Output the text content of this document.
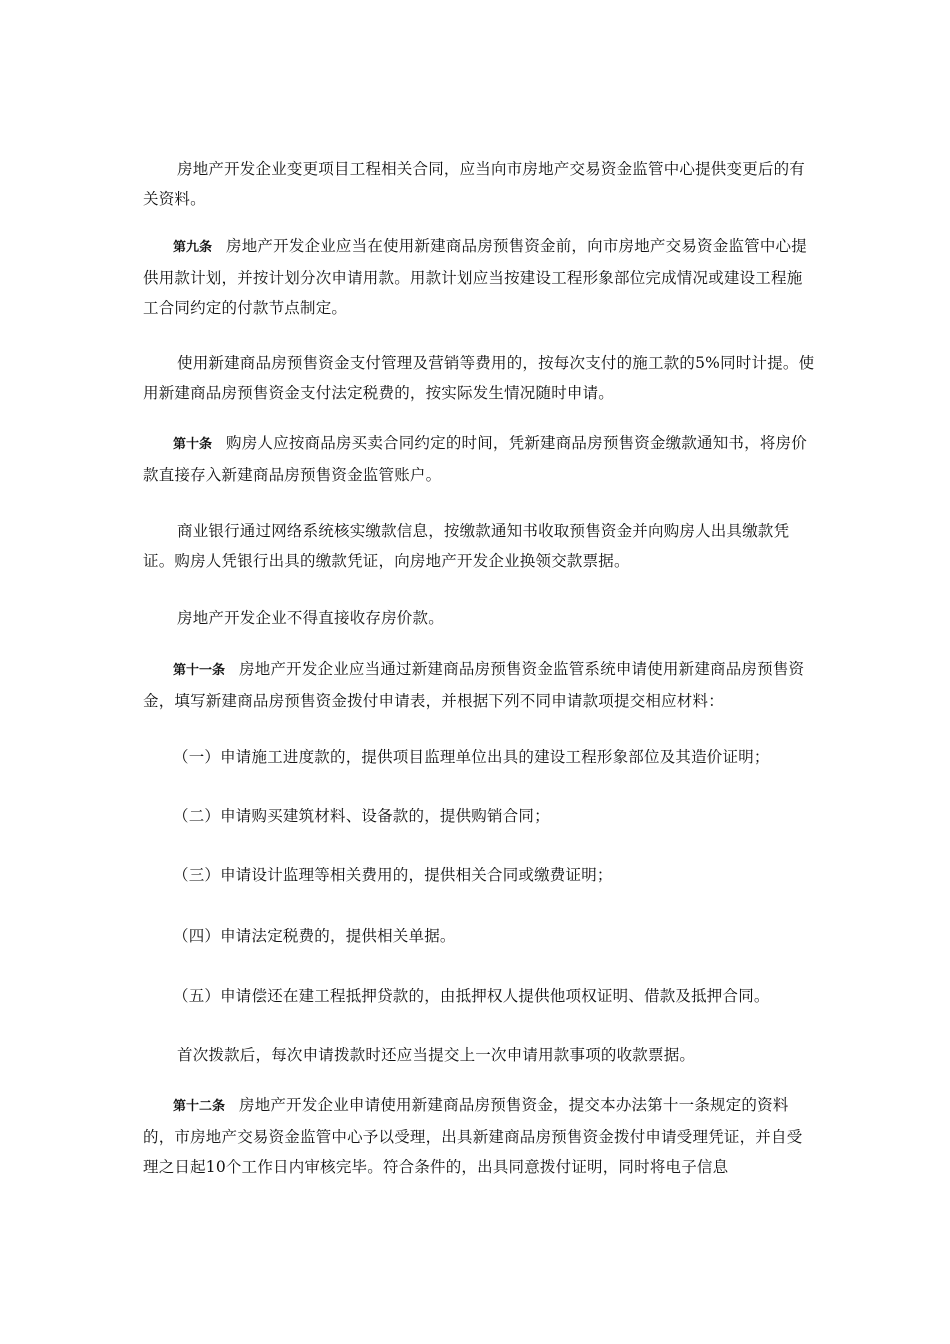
房地产开发企业变更项目工程相关合同，应当向市房地产交易资金监管中心提供变更后的有关资料。

第九条 房地产开发企业应当在使用新建商品房预售资金前，向市房地产交易资金监管中心提供用款计划，并按计划分次申请用款。用款计划应当按建设工程形象部位完成情况或建设工程施工合同约定的付款节点制定。

使用新建商品房预售资金支付管理及营销等费用的，按每次支付的施工款的5%同时计提。使用新建商品房预售资金支付法定税费的，按实际发生情况随时申请。

第十条 购房人应按商品房买卖合同约定的时间，凭新建商品房预售资金缴款通知书，将房价款直接存入新建商品房预售资金监管账户。

商业银行通过网络系统核实缴款信息，按缴款通知书收取预售资金并向购房人出具缴款凭证。购房人凭银行出具的缴款凭证，向房地产开发企业换领交款票据。

房地产开发企业不得直接收存房价款。

第十一条 房地产开发企业应当通过新建商品房预售资金监管系统申请使用新建商品房预售资金，填写新建商品房预售资金拨付申请表，并根据下列不同申请款项提交相应材料：

（一）申请施工进度款的，提供项目监理单位出具的建设工程形象部位及其造价证明；

（二）申请购买建筑材料、设备款的，提供购销合同；

（三）申请设计监理等相关费用的，提供相关合同或缴费证明；

（四）申请法定税费的，提供相关单据。

（五）申请偿还在建工程抵押贷款的，由抵押权人提供他项权证明、借款及抵押合同。

首次拨款后，每次申请拨款时还应当提交上一次申请用款事项的收款票据。

第十二条 房地产开发企业申请使用新建商品房预售资金，提交本办法第十一条规定的资料的，市房地产交易资金监管中心予以受理，出具新建商品房预售资金拨付申请受理凭证，并自受理之日起10个工作日内审核完毕。符合条件的，出具同意拨付证明，同时将电子信息
